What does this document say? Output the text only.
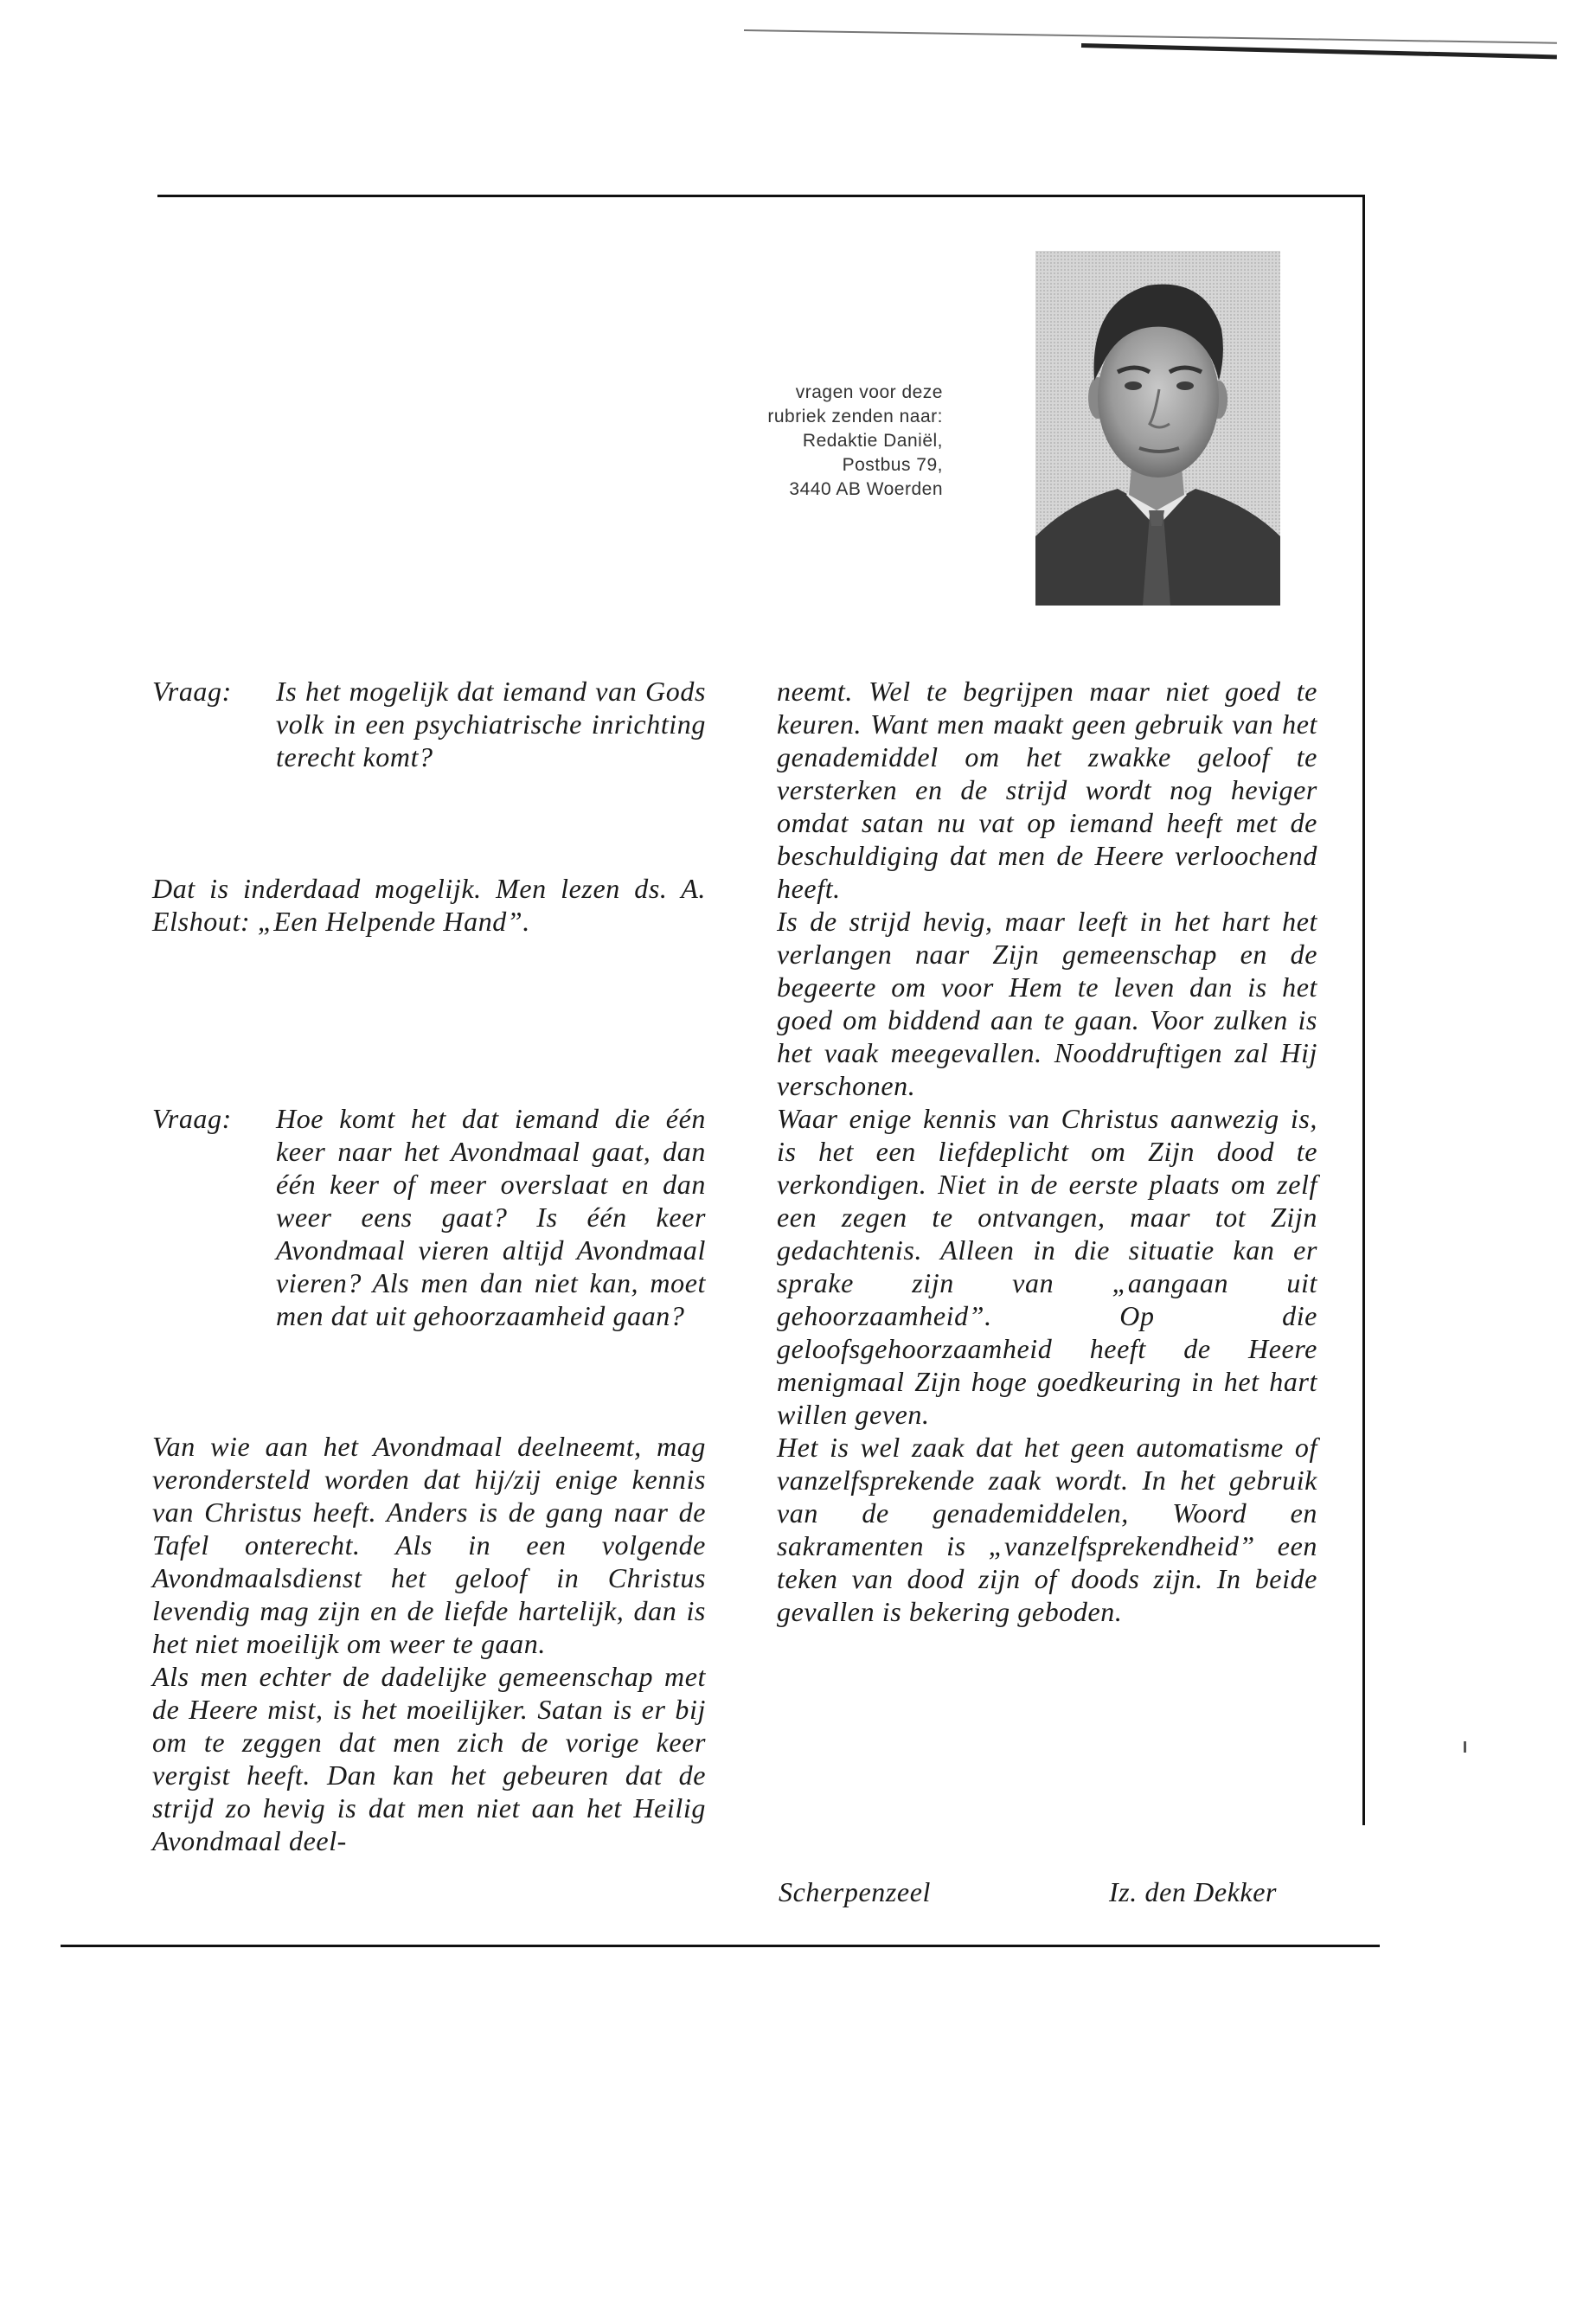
vragen voor deze
rubriek zenden naar:
Redaktie Daniël,
Postbus 79,
3440 AB Woerden
Vraag:	Is het mogelijk dat iemand van Gods volk in een psychiatrische inrichting terecht komt?

Dat is inderdaad mogelijk. Men lezen ds. A. Elshout: „Een Helpende Hand”.

Vraag:	Hoe komt het dat iemand die één keer naar het Avondmaal gaat, dan één keer of meer overslaat en dan weer eens gaat? Is één keer Avondmaal vieren altijd Avondmaal vieren? Als men dan niet kan, moet men dat uit gehoorzaamheid gaan?

Van wie aan het Avondmaal deelneemt, mag verondersteld worden dat hij/zij enige kennis van Christus heeft. Anders is de gang naar de Tafel onterecht. Als in een volgende Avondmaalsdienst het geloof in Christus levendig mag zijn en de liefde hartelijk, dan is het niet moeilijk om weer te gaan.

Als men echter de dadelijke gemeenschap met de Heere mist, is het moeilijker. Satan is er bij om te zeggen dat men zich de vorige keer vergist heeft. Dan kan het gebeuren dat de strijd zo hevig is dat men niet aan het Heilig Avondmaal deel-

neemt. Wel te begrijpen maar niet goed te keuren. Want men maakt geen gebruik van het genademiddel om het zwakke geloof te versterken en de strijd wordt nog heviger omdat satan nu vat op iemand heeft met de beschuldiging dat men de Heere verloochend heeft.

Is de strijd hevig, maar leeft in het hart het verlangen naar Zijn gemeenschap en de begeerte om voor Hem te leven dan is het goed om biddend aan te gaan. Voor zulken is het vaak meegevallen. Nooddruftigen zal Hij verschonen.

Waar enige kennis van Christus aanwezig is, is het een liefdeplicht om Zijn dood te verkondigen. Niet in de eerste plaats om zelf een zegen te ontvangen, maar tot Zijn gedachtenis. Alleen in die situatie kan er sprake zijn van „aangaan uit gehoorzaamheid”. Op die geloofsgehoorzaamheid heeft de Heere menigmaal Zijn hoge goedkeuring in het hart willen geven.

Het is wel zaak dat het geen automatisme of vanzelfsprekende zaak wordt. In het gebruik van de genademiddelen, Woord en sakramenten is „vanzelfsprekendheid” een teken van dood zijn of doods zijn. In beide gevallen is bekering geboden.

Scherpenzeel	Iz. den Dekker
